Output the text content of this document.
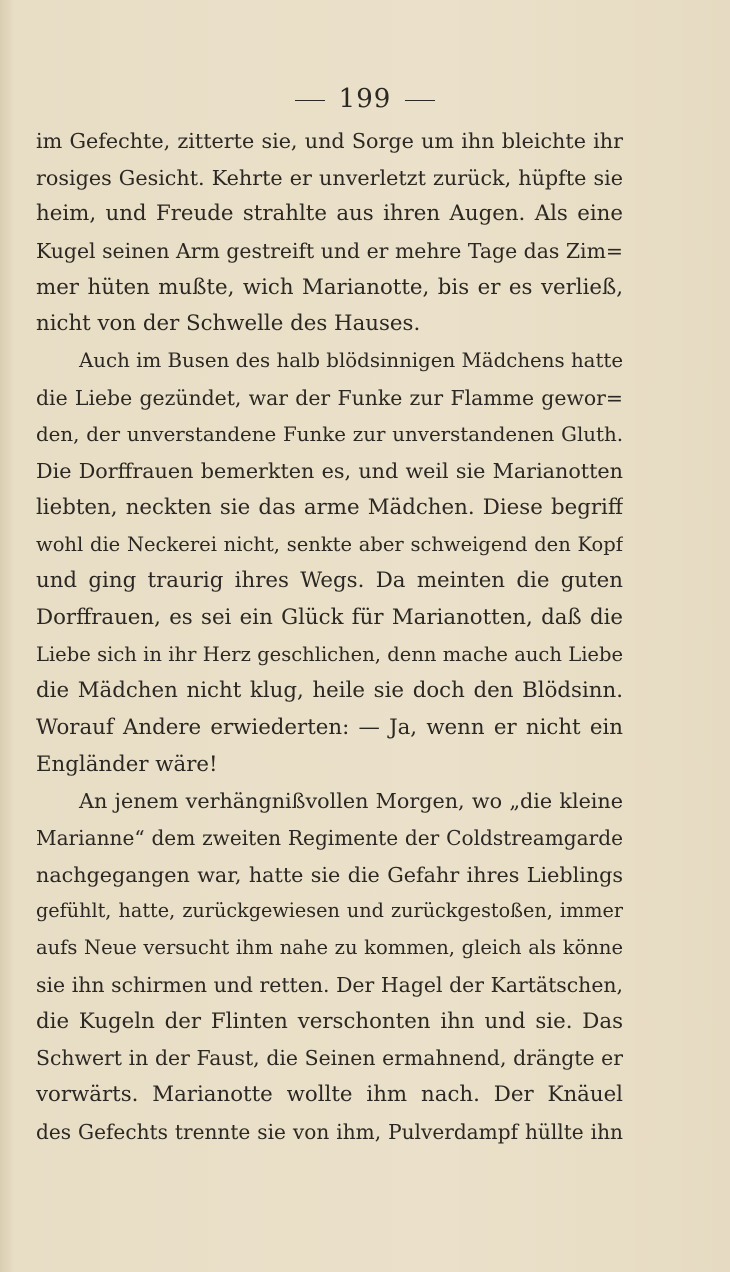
199
im Gefechte, zitterte sie, und Sorge um ihn bleichte ihr
rosiges Gesicht. Kehrte er unverletzt zurück, hüpfte sie
heim, und Freude strahlte aus ihren Augen. Als eine
Kugel seinen Arm gestreift und er mehre Tage das Zim=
mer hüten mußte, wich Marianotte, bis er es verließ,
nicht von der Schwelle des Hauses.
Auch im Busen des halb blödsinnigen Mädchens hatte
die Liebe gezündet, war der Funke zur Flamme gewor=
den, der unverstandene Funke zur unverstandenen Gluth.
Die Dorffrauen bemerkten es, und weil sie Marianotten
liebten, neckten sie das arme Mädchen. Diese begriff
wohl die Neckerei nicht, senkte aber schweigend den Kopf
und ging traurig ihres Wegs. Da meinten die guten
Dorffrauen, es sei ein Glück für Marianotten, daß die
Liebe sich in ihr Herz geschlichen, denn mache auch Liebe
die Mädchen nicht klug, heile sie doch den Blödsinn.
Worauf Andere erwiederten: — Ja, wenn er nicht ein
Engländer wäre!
An jenem verhängnißvollen Morgen, wo „die kleine
Marianne“ dem zweiten Regimente der Coldstreamgarde
nachgegangen war, hatte sie die Gefahr ihres Lieblings
gefühlt, hatte, zurückgewiesen und zurückgestoßen, immer
aufs Neue versucht ihm nahe zu kommen, gleich als könne
sie ihn schirmen und retten. Der Hagel der Kartätschen,
die Kugeln der Flinten verschonten ihn und sie. Das
Schwert in der Faust, die Seinen ermahnend, drängte er
vorwärts. Marianotte wollte ihm nach. Der Knäuel
des Gefechts trennte sie von ihm, Pulverdampf hüllte ihn
